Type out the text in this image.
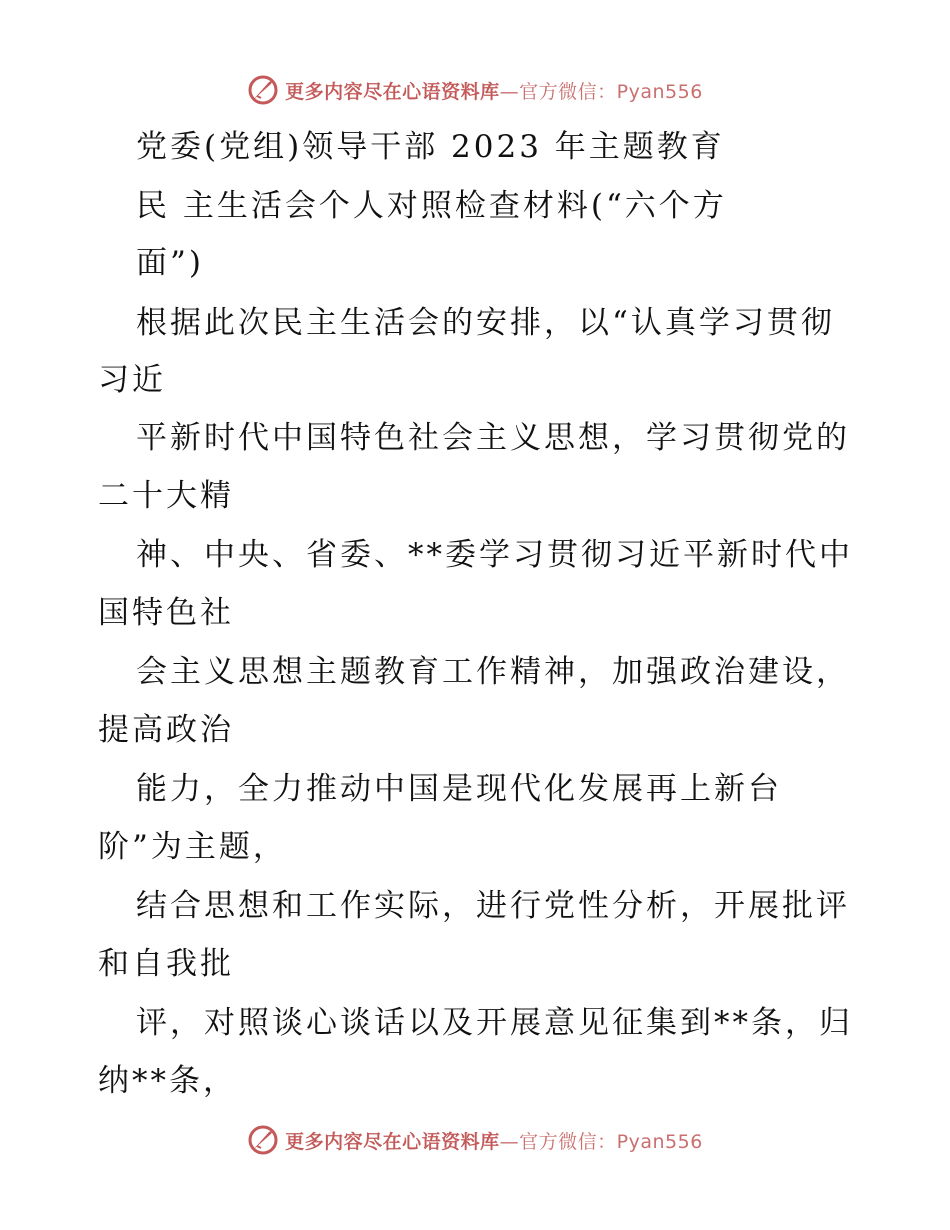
更多内容尽在心语资料库—官方微信：Pyan556
党委(党组)领导干部 2023 年主题教育
民 主生活会个人对照检查材料(“六个方
面”)
根据此次民主生活会的安排，以“认真学习贯彻
习近
平新时代中国特色社会主义思想，学习贯彻党的
二十大精
神、中央、省委、**委学习贯彻习近平新时代中
国特色社
会主义思想主题教育工作精神，加强政治建设，
提高政治
能力，全力推动中国是现代化发展再上新台
阶”为主题，
结合思想和工作实际，进行党性分析，开展批评
和自我批
评，对照谈心谈话以及开展意见征集到**条，归
纳**条，
更多内容尽在心语资料库—官方微信：Pyan556
